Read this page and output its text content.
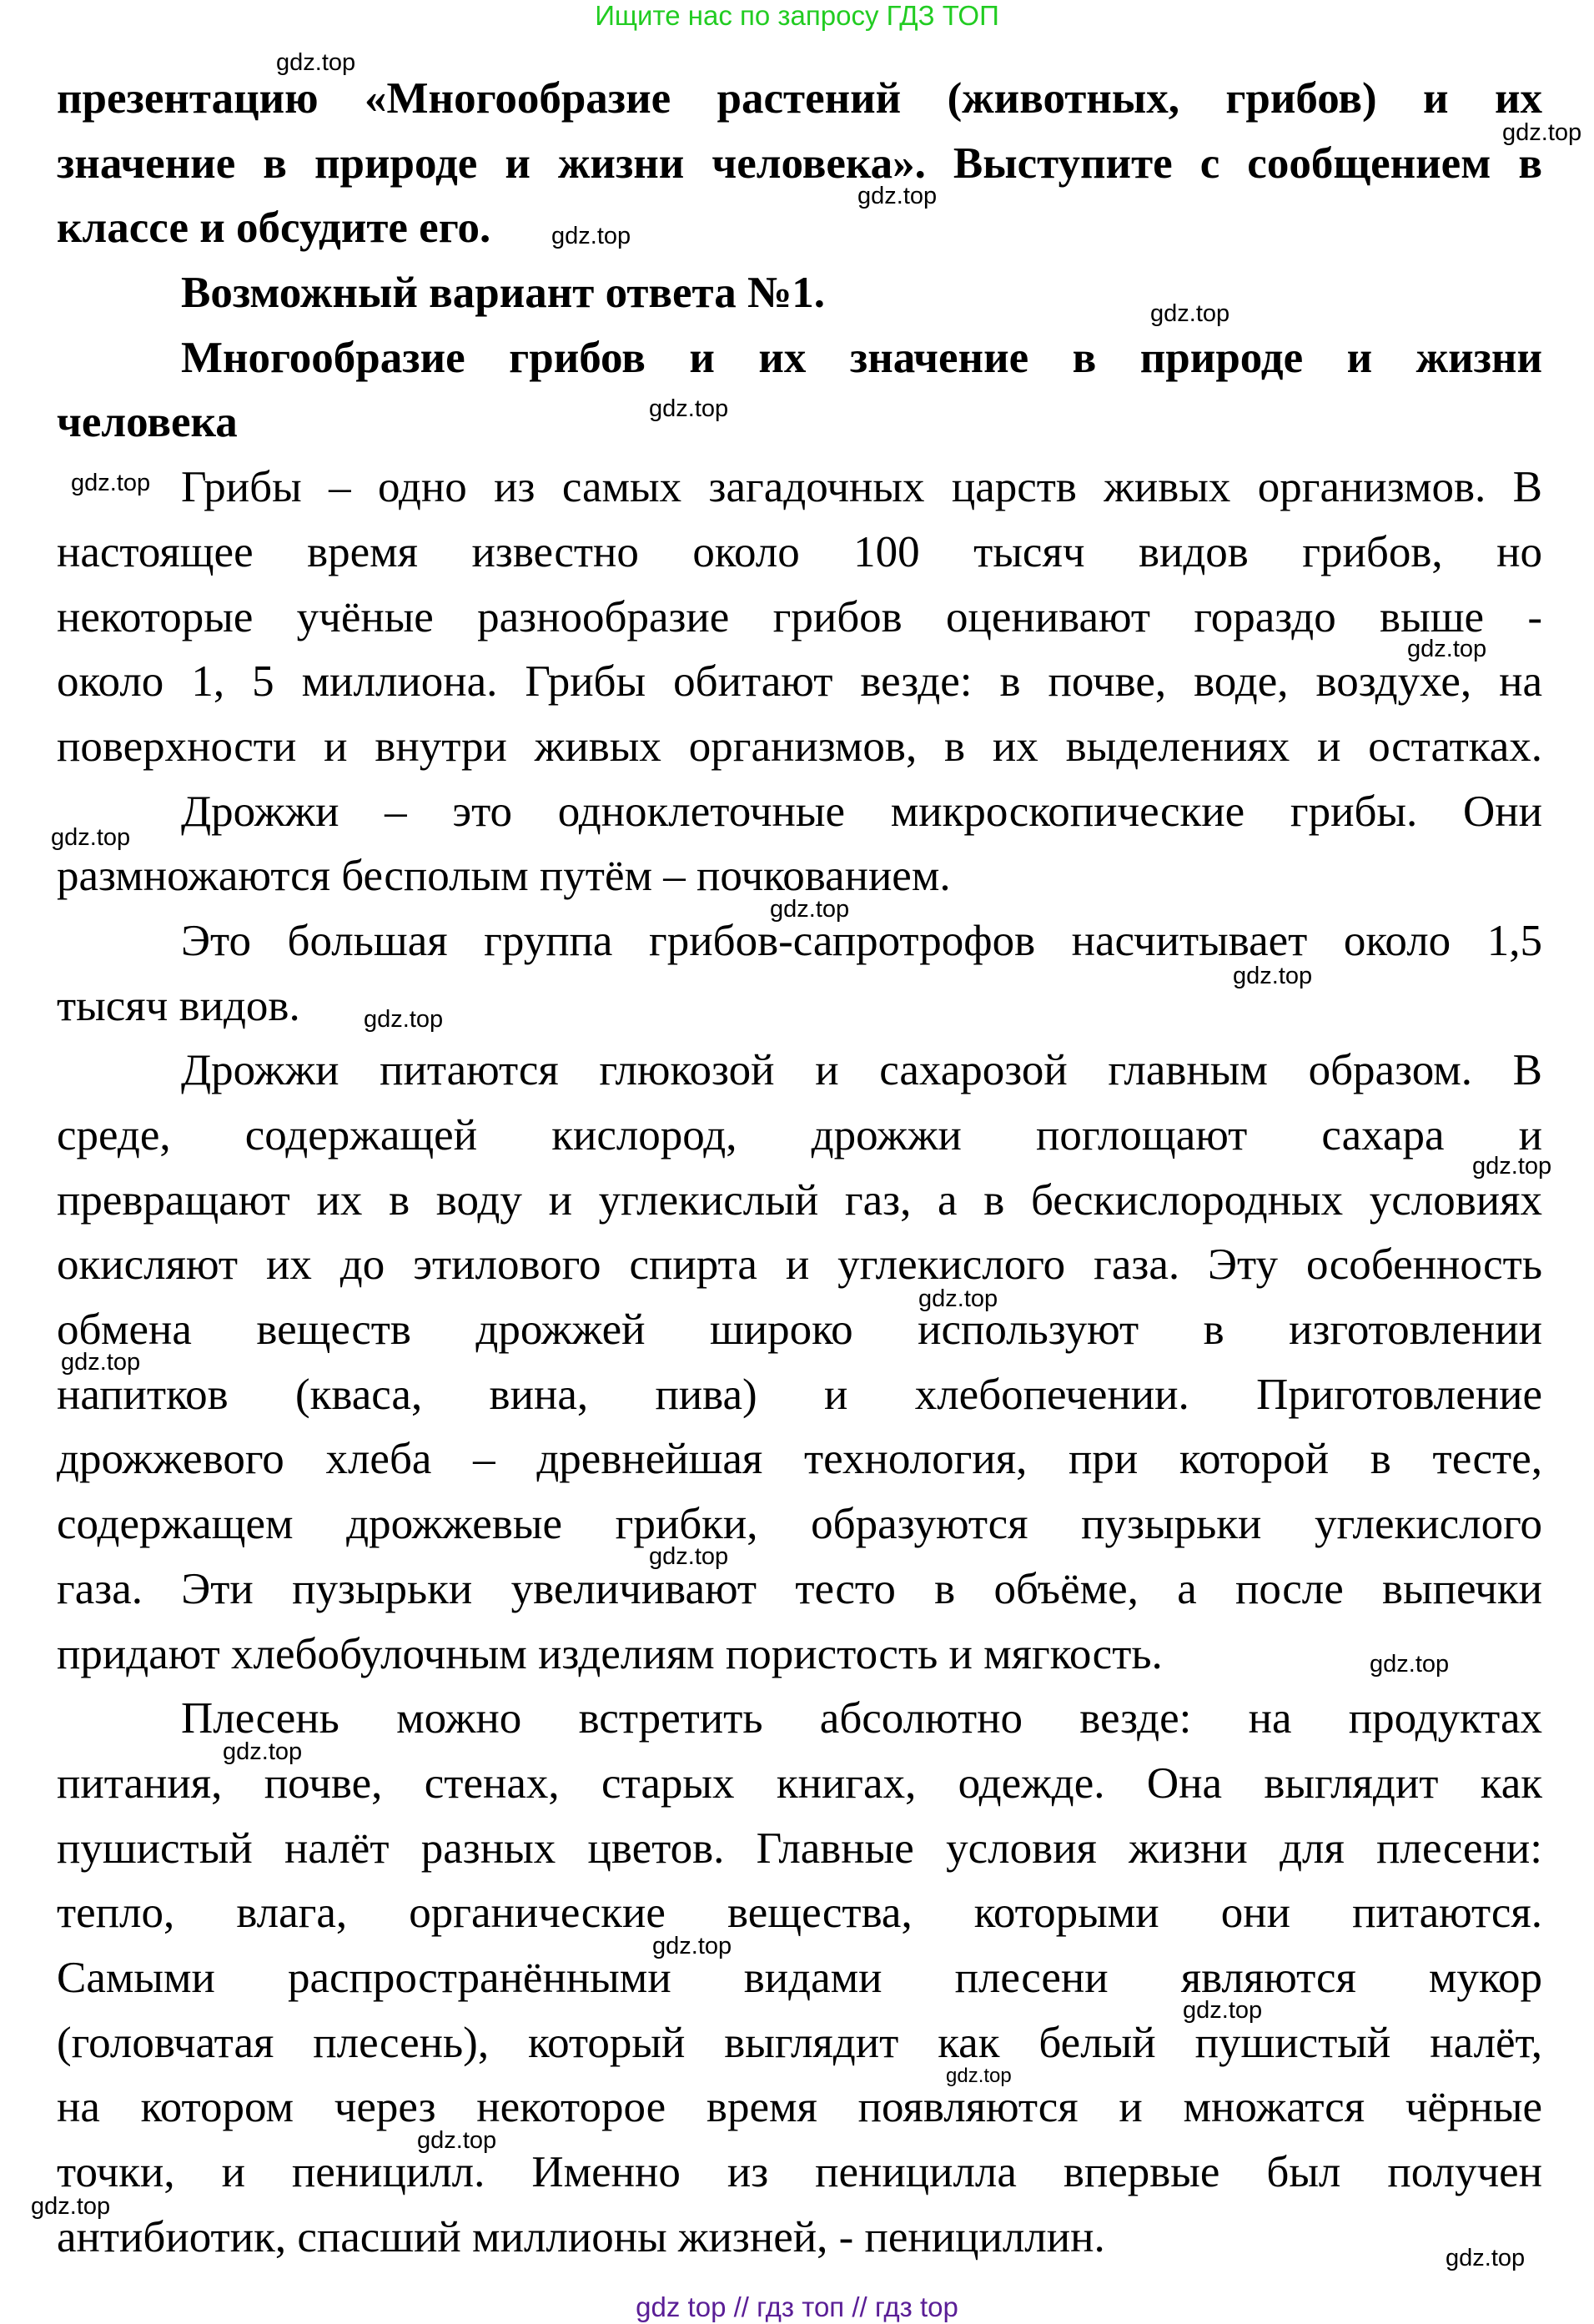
Ищите нас по запросу ГДЗ ТОП
презентацию «Многообразие растений (животных, грибов) и их
значение в природе и жизни человека». Выступите с сообщением в
классе и обсудите его.
Возможный вариант ответа №1.
Многообразие грибов и их значение в природе и жизни
человека
Грибы – одно из самых загадочных царств живых организмов. В
настоящее время известно около 100 тысяч видов грибов, но
некоторые учёные разнообразие грибов оценивают гораздо выше -
около 1, 5 миллиона. Грибы обитают везде: в почве, воде, воздухе, на
поверхности и внутри живых организмов, в их выделениях и остатках.
Дрожжи – это одноклеточные микроскопические грибы. Они
размножаются бесполым путём – почкованием.
Это большая группа грибов-сапротрофов насчитывает около 1,5
тысяч видов.
Дрожжи питаются глюкозой и сахарозой главным образом. В
среде, содержащей кислород, дрожжи поглощают сахара и
превращают их в воду и углекислый газ, а в бескислородных условиях
окисляют их до этилового спирта и углекислого газа. Эту особенность
обмена веществ дрожжей широко используют в изготовлении
напитков (кваса, вина, пива) и хлебопечении. Приготовление
дрожжевого хлеба – древнейшая технология, при которой в тесте,
содержащем дрожжевые грибки, образуются пузырьки углекислого
газа. Эти пузырьки увеличивают тесто в объёме, а после выпечки
придают хлебобулочным изделиям пористость и мягкость.
Плесень можно встретить абсолютно везде: на продуктах
питания, почве, стенах, старых книгах, одежде. Она выглядит как
пушистый налёт разных цветов. Главные условия жизни для плесени:
тепло, влага, органические вещества, которыми они питаются.
Самыми распространёнными видами плесени являются мукор
(головчатая плесень), который выглядит как белый пушистый налёт,
на котором через некоторое время появляются и множатся чёрные
точки, и пеницилл. Именно из пеницилла впервые был получен
антибиотик, спасший миллионы жизней, - пенициллин.
gdz.top
gdz.top
gdz.top
gdz.top
gdz.top
gdz.top
gdz.top
gdz.top
gdz.top
gdz.top
gdz.top
gdz.top
gdz.top
gdz.top
gdz.top
gdz.top
gdz.top
gdz.top
gdz.top
gdz.top
gdz.top
gdz.top
gdz.top
gdz.top
gdz top // гдз топ // гдз top
